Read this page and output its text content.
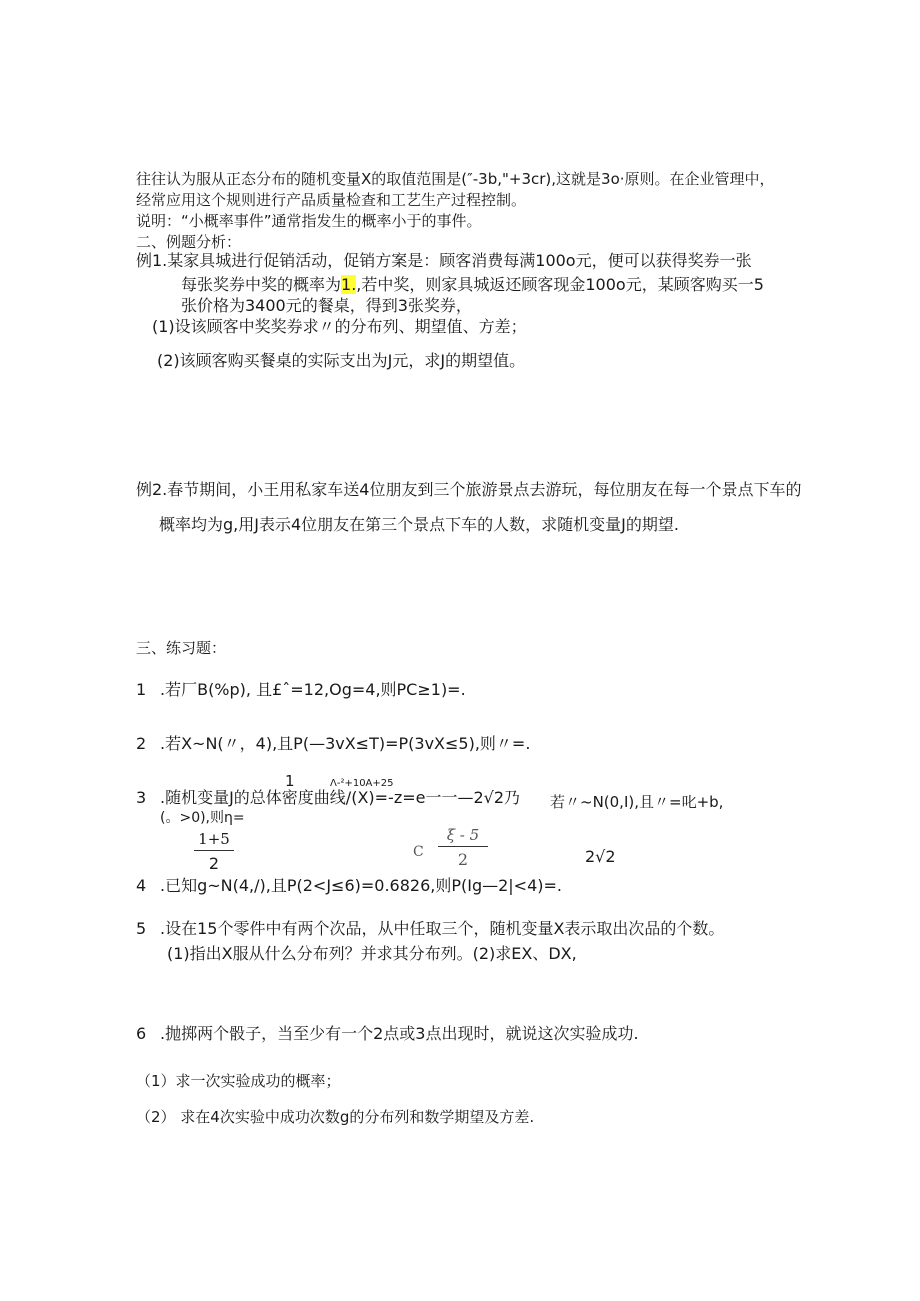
往往认为服从正态分布的随机变量X的取值范围是(″-3b,"+3cr),这就是3o·原则。在企业管理中，
经常应用这个规则进行产品质量检查和工艺生产过程控制。
说明：“小概率事件”通常指发生的概率小于的事件。
二、例题分析：
例1.某家具城进行促销活动，促销方案是：顾客消费每满100o元，便可以获得奖券一张
每张奖券中奖的概率为1.,若中奖，则家具城返还顾客现金100o元，某顾客购买一5
张价格为3400元的餐桌，得到3张奖券，
(1)设该顾客中奖奖券求〃的分布列、期望值、方差；
(2)该顾客购买餐桌的实际支出为J元，求J的期望值。
例2.春节期间，小王用私家车送4位朋友到三个旅游景点去游玩，每位朋友在每一个景点下车的
概率均为g,用J表示4位朋友在第三个景点下车的人数，求随机变量J的期望.
三、练习题：
1 .若厂B(%p), 且£ˆ=12,Og=4,则PC≥1)=.
2 .若X~N(〃，4),且P(—3vX≤T)=P(3vX≤5),则〃=.
1	Λ-²+10A+25
3 .随机变量J的总体密度曲线/(X)=-z=e一一—2√2乃 若〃~N(0,I),且〃=叱+b,
(。>0),则η=
1+5
2
C
ξ - 5
2	2√2
4 .已知g~N(4,/),且P(2<J≤6)=0.6826,则P(Ig—2|<4)=.
5 .设在15个零件中有两个次品，从中任取三个，随机变量X表示取出次品的个数。
(1)指出X服从什么分布列？并求其分布列。(2)求EX、DX,
6 .抛掷两个骰子，当至少有一个2点或3点出现时，就说这次实验成功.
（1）求一次实验成功的概率；
（2） 求在4次实验中成功次数g的分布列和数学期望及方差.
